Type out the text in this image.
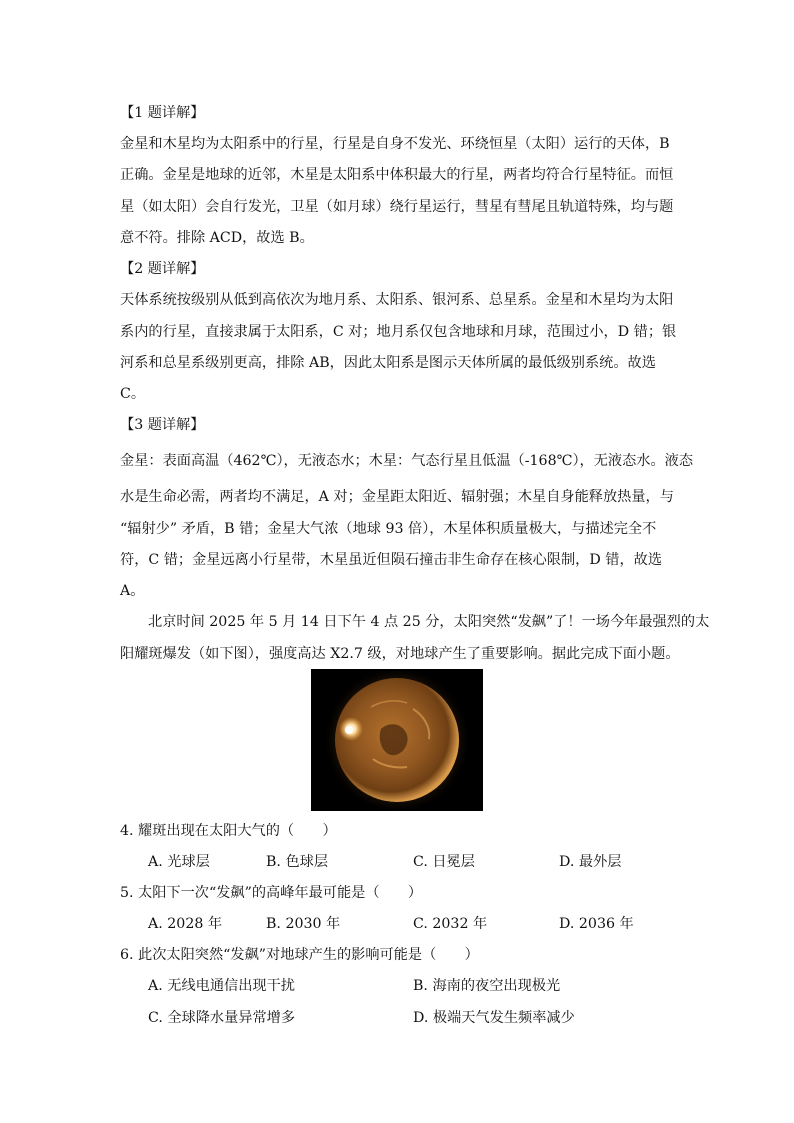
【1 题详解】
金星和木星均为太阳系中的行星，行星是自身不发光、环绕恒星（太阳）运行的天体，B
正确。金星是地球的近邻，木星是太阳系中体积最大的行星，两者均符合行星特征。而恒
星（如太阳）会自行发光，卫星（如月球）绕行星运行，彗星有彗尾且轨道特殊，均与题
意不符。排除 ACD，故选 B。
【2 题详解】
天体系统按级别从低到高依次为地月系、太阳系、银河系、总星系。金星和木星均为太阳
系内的行星，直接隶属于太阳系，C 对；地月系仅包含地球和月球，范围过小，D 错；银
河系和总星系级别更高，排除 AB，因此太阳系是图示天体所属的最低级别系统。故选
C。
【3 题详解】
金星：表面高温（462℃），无液态水；木星：气态行星且低温（-168℃），无液态水。液态
水是生命必需，两者均不满足，A 对；金星距太阳近、辐射强；木星自身能释放热量，与
“辐射少” 矛盾，B 错；金星大气浓（地球 93 倍），木星体积质量极大，与描述完全不
符，C 错；金星远离小行星带，木星虽近但陨石撞击非生命存在核心限制，D 错，故选
A。
北京时间 2025 年 5 月 14 日下午 4 点 25 分，太阳突然“发飙”了！一场今年最强烈的太
阳耀斑爆发（如下图），强度高达 X2.7 级，对地球产生了重要影响。据此完成下面小题。
4. 耀斑出现在太阳大气的（　　）
A. 光球层	B. 色球层	C. 日冕层	D. 最外层
5. 太阳下一次“发飙”的高峰年最可能是（　　）
A. 2028 年	B. 2030 年	C. 2032 年	D. 2036 年
6. 此次太阳突然“发飙”对地球产生的影响可能是（　　）
A. 无线电通信出现干扰	B. 海南的夜空出现极光
C. 全球降水量异常增多	D. 极端天气发生频率减少
